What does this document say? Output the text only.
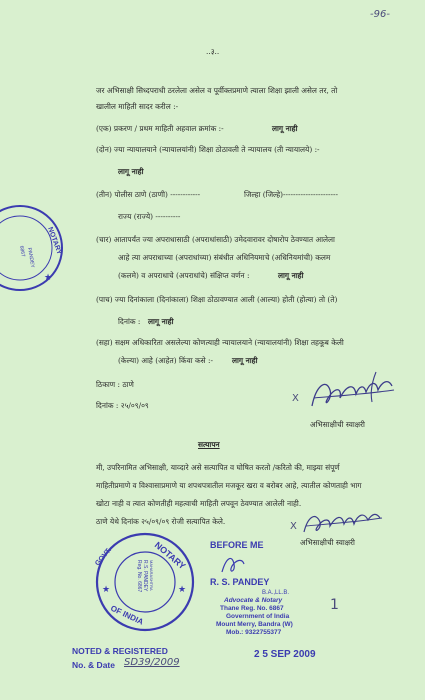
-96-
..३..
जर अभिसाक्षी सिध्दपराधी ठरलेला असेल व पूर्वीक्तप्रमाणे त्याला शिक्षा झाली असेल तर, तो
खालील माहिती सादर करील :-
(एक) प्रकरण / प्रथम माहिती अहवाल क्रमांक :-	लागू नाही
(दोन) ज्या न्यायालयाने (न्यायालयांनी) शिक्षा ठोठावली ते न्यायालय (ती न्यायालये) :-
लागू नाही
(तीन) पोलीस ठाणे (ठाणी) ------------	जिल्हा (जिल्हे)----------------------
राज्य (राज्ये) ----------
(चार) आतापर्यंत ज्या अपराधासाठी (अपराधांसाठी) उमेदवारावर दोषारोप ठेवण्यात आलेला
आहे त्या अपराधाच्या (अपराधांच्या) संबंधीत अधिनियमाचे (अधिनियमांची) कलम
(कलमे) व अपराधाचे (अपराधांचे) संक्षिप्त वर्णन :	लागू नाही
(पाच) ज्या दिनांकाला (दिनांकाला) शिक्षा ठोठावण्यात आली (आल्या) होती (होत्या) तो (ते)
दिनांक : लागू नाही
(सहा) सक्षम अधिकारिता असलेल्या कोणत्याही न्यायालयाने (न्यायालयांनी) शिक्षा तहकूब केली
(केल्या) आहे (आहेत) किंवा कसे :-	लागू नाही
ठिकाण : ठाणे
दिनांक : २५/०९/०९
X
अभिसाक्षीची स्वाक्षरी
सत्यापन
मी, उपरिनामित अभिसाक्षी, याव्दारे असे सत्यापित व घोषित करतो /करितो की, माझ्या संपूर्ण
माहितीप्रमाणे व विश्वासाप्रमाणे या शपथपत्रातील मजकूर खरा व बरोबर आहे, त्यातील कोणताही भाग
खोटा नाही व त्यात कोणतीही महत्वाची माहिती लपवून ठेवण्यात आलेली नाही.
ठाणे येथे दिनांक २५/०९/०९ रोजी सत्यापित केले.	X
अभिसाक्षीची स्वाक्षरी
NOTARY
PANDEY
6867
★
NOTARY
GOVT.
OF INDIA
R.S. PANDEY
Reg. No. 6867 MAHARASHTRA
★	★
BEFORE ME
R. S. PANDEY
B.A.,LL.B.
Advocate & Notary
Thane Reg. No. 6867
Government of India
Mount Merry, Bandra (W)
Mob.: 9322755377
1
NOTED & REGISTERED
No. & Date SD39/2009
2 5 SEP 2009
